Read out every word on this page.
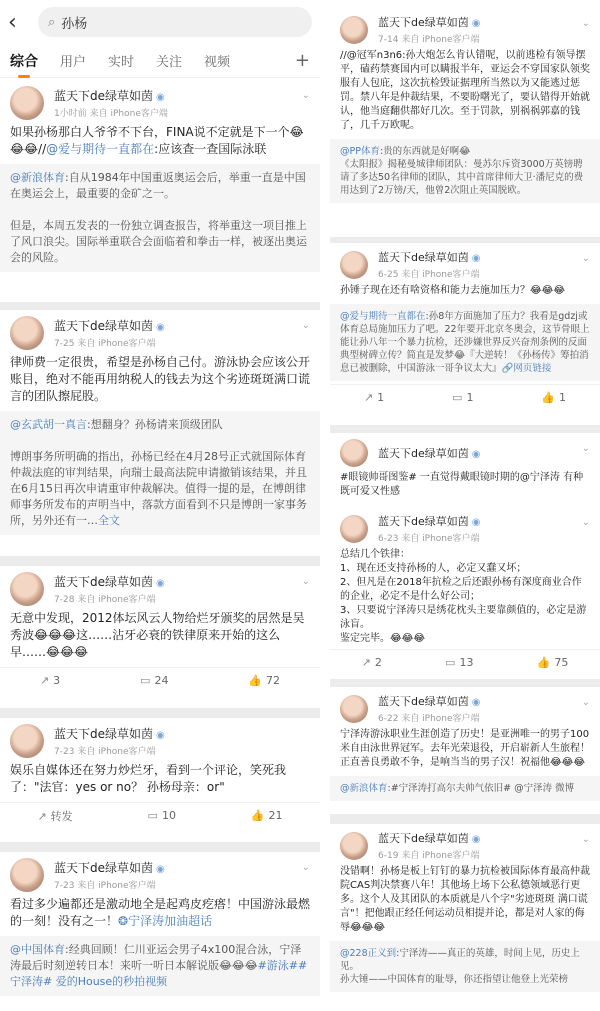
‹	⌕ 孙杨
综合 用户 实时 关注 视频	+
蓝天下de绿草如茵 ◉
1小时前 来自 iPhone客户端
⌄
如果孙杨那白人爷爷不下台，FINA说不定就是下一个😂😂😂//@爱与期待一直都在:应该查一查国际泳联
@新浪体育:自从1984年中国重返奥运会后，举重一直是中国在奥运会上，最重要的金矿之一。

但是，本周五发表的一份独立调查报告，将举重这一项目推上了风口浪尖。国际举重联合会面临着和拳击一样，被逐出奥运会的风险。
蓝天下de绿草如茵 ◉
7-25 来自 iPhone客户端
⌄
律师费一定很贵，希望是孙杨自己付。游泳协会应该公开账目，绝对不能再用纳税人的钱去为这个劣迹斑斑满口谎言的团队擦屁股。
@玄武胡一真言:想翻身？孙杨请来顶级团队

博朗事务所明确的指出，孙杨已经在4月28号正式就国际体育仲裁法庭的审判结果，向瑞士最高法院申请撤销该结果，并且在6月15日再次申请重审仲裁解决。值得一提的是，在博朗律师事务所发布的声明当中，落款方面看到不只是博朗一家事务所，另外还有一…全文
蓝天下de绿草如茵 ◉
7-28 来自 iPhone客户端
⌄
无意中发现，2012体坛风云人物给烂牙颁奖的居然是吴秀波😂😂😂这……沾牙必衰的铁律原来开始的这么早……😂😂😂
↗ 3	▭ 24	👍 72
蓝天下de绿草如茵 ◉
7-23 来自 iPhone客户端
娱乐自媒体还在努力炒烂牙，看到一个评论，笑死我了："法官：yes or no？ 孙杨母亲：or"
↗ 转发	▭ 10	👍 21
蓝天下de绿草如茵 ◉
7-23 来自 iPhone客户端
⌄
看过多少遍都还是激动地全是起鸡皮疙瘩！中国游泳最燃的一刻！没有之一！❂宁泽涛加油超话
@中国体育:经典回顾！仁川亚运会男子4x100混合泳，宁泽涛最后时刻逆转日本！来听一听日本解说版😂😂😂#游泳##宁泽涛# 爱的House的秒拍视频
蓝天下de绿草如茵 ◉
7-14 来自 iPhone客户端
⌄
//@冠军n3n6:孙大炮怎么肯认错呢，以前逃检有领导摆平，磕药禁赛国内可以瞒报半年，亚运会不穿国家队领奖服有人包庇，这次抗检毁证据理所当然以为又能逃过惩罚。禁八年是仲裁结果，不要盼曙光了，要认错得开始就认，他当庭翻供都好几次。至于罚款，别祸祸郭嘉的钱了，几千万欧呢。
@PP体育:贵的东西就是好啊😂
《太阳报》揭秘曼城律师团队：曼苏尔斥资3000万英镑聘请了多达50名律师的团队，其中首席律师大卫·潘尼克的费用达到了2万镑/天，他曾2次阻止英国脱欧。
蓝天下de绿草如茵 ◉
6-25 来自 iPhone客户端
⌄
孙锤子现在还有啥资格和能力去施加压力？😂😂😂
@爱与期待一直都在:孙8年方面施加了压力？我看是gdzj或体育总局施加压力了吧。22年要开北京冬奥会，这节骨眼上能让孙八年一个暴力抗检，还涉嫌世界反兴奋剂条例的反面典型树碑立传？简直是发梦😂『大逆转！《孙杨传》筹拍消息已被删除，中国游泳一哥争议太大』🔗网页链接
↗ 1	▭ 1	👍 1
蓝天下de绿草如茵 ◉
⌄
#眼镜帅哥图鉴# 一直觉得戴眼镜时期的@宁泽涛 有种既可爱又性感
蓝天下de绿草如茵 ◉
6-23 来自 iPhone客户端
⌄
总结几个铁律：
1、现在还支持孙杨的人，必定又蠢又坏；
2、但凡是在2018年抗检之后还跟孙杨有深度商业合作的企业，必定不是什么好公司；
3、只要说宁泽涛只是绣花枕头主要靠颜值的，必定是游泳盲。
鉴定完毕。😂😂😂
↗ 2	▭ 13	👍 75
蓝天下de绿草如茵 ◉
6-22 来自 iPhone客户端
⌄
宁泽涛游泳职业生涯创造了历史！是亚洲唯一的男子100米自由泳世界冠军。去年光荣退役，开启崭新人生旅程！正直善良勇敢不争，是响当当的男子汉！祝福他😂😂😂
@新浪体育:#宁泽涛打高尔夫帅气依旧# @宁泽涛 微博
蓝天下de绿草如茵 ◉
6-19 来自 iPhone客户端
⌄
没错啊！孙杨是板上钉钉的暴力抗检被国际体育最高仲裁院CAS判决禁赛八年！其他场上场下公私德领域恶行更多。这个人及其团队的本质就是八个字"劣迹斑斑 满口谎言"！把他跟正经任何运动员相提并论，都是对人家的侮辱😂😂😂
@228正义到:宁泽涛——真正的英雄，时间上见，历史上见。
孙大锤——中国体育的耻辱，你还指望让他登上光荣榜
